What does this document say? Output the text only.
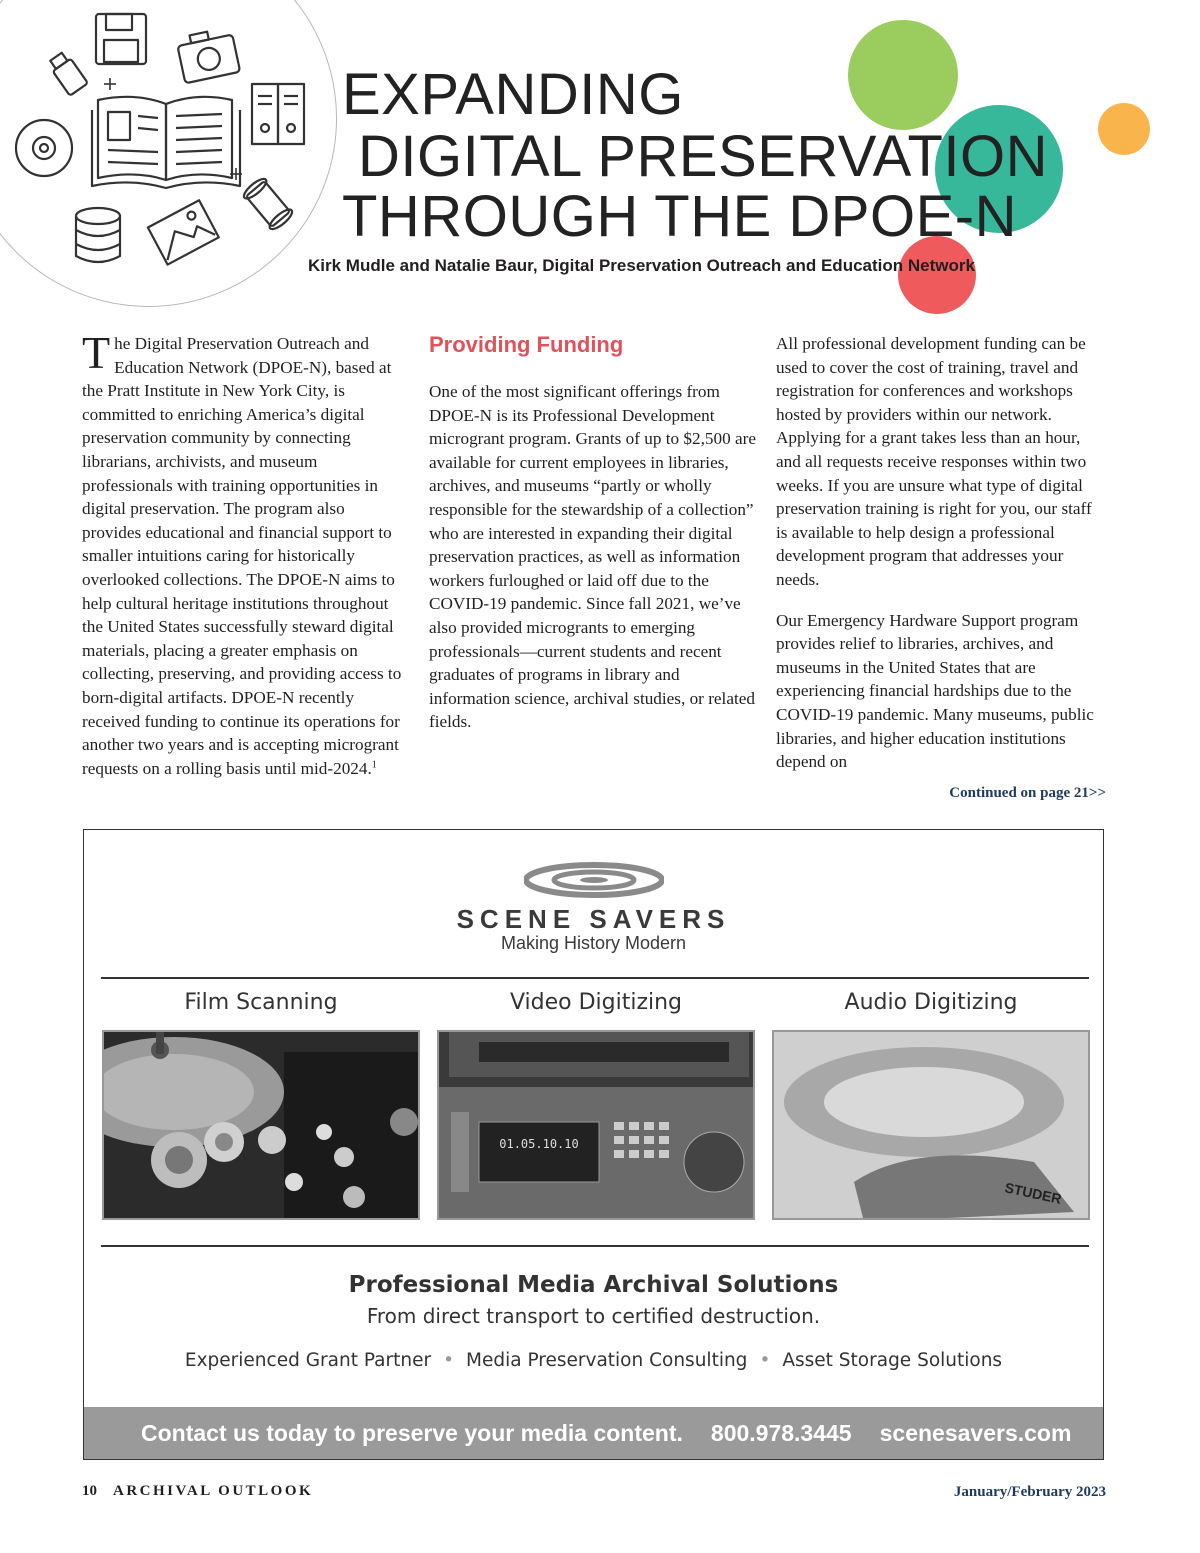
EXPANDING
DIGITAL PRESERVATION
THROUGH THE DPOE-N
Kirk Mudle and Natalie Baur, Digital Preservation Outreach and Education Network

The Digital Preservation Outreach and Education Network (DPOE-N), based at the Pratt Institute in New York City, is committed to enriching America’s digital preservation community by connecting librarians, archivists, and museum professionals with training opportunities in digital preservation. The program also provides educational and financial support to smaller intuitions caring for historically overlooked collections. The DPOE-N aims to help cultural heritage institutions throughout the United States successfully steward digital materials, placing a greater emphasis on collecting, preserving, and providing access to born-digital artifacts. DPOE-N recently received funding to continue its operations for another two years and is accepting microgrant requests on a rolling basis until mid-2024.$^1$

Providing Funding

One of the most significant offerings from DPOE-N is its Professional Development microgrant program. Grants of up to $2,500 are available for current employees in libraries, archives, and museums “partly or wholly responsible for the stewardship of a collection” who are interested in expanding their digital preservation practices, as well as information workers furloughed or laid off due to the COVID-19 pandemic. Since fall 2021, we’ve also provided microgrants to emerging professionals—current students and recent graduates of programs in library and information science, archival studies, or related fields.

All professional development funding can be used to cover the cost of training, travel and registration for conferences and workshops hosted by providers within our network. Applying for a grant takes less than an hour, and all requests receive responses within two weeks. If you are unsure what type of digital preservation training is right for you, our staff is available to help design a professional development program that addresses your needs.

Our Emergency Hardware Support program provides relief to libraries, archives, and museums in the United States that are experiencing financial hardships due to the COVID-19 pandemic. Many museums, public libraries, and higher education institutions depend on

Continued on page 21>>
SCENE SAVERS
Making History Modern
Film Scanning	Video Digitizing	Audio Digitizing
01.05.10.10
STUDER
Professional Media Archival Solutions
From direct transport to certified destruction.
Experienced Grant Partner • Media Preservation Consulting • Asset Storage Solutions
Contact us today to preserve your media content. 800.978.3445 scenesavers.com
10 ARCHIVAL OUTLOOK	January/February 2023
